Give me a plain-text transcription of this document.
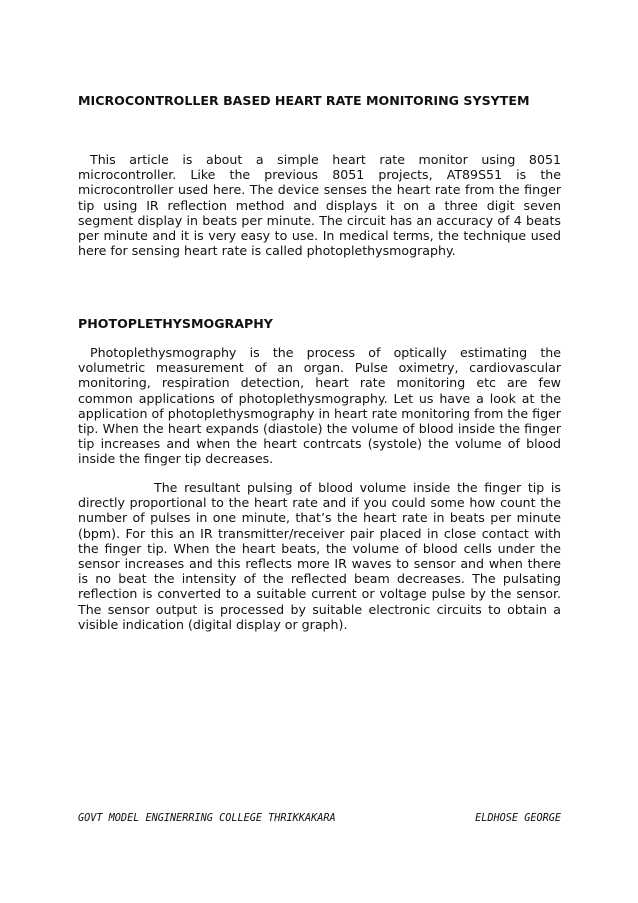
MICROCONTROLLER BASED HEART RATE MONITORING SYSYTEM

This article is about a simple heart rate monitor using 8051 microcontroller. Like the previous 8051 projects, AT89S51 is the microcontroller used here. The device senses the heart rate from the finger tip using IR reflection method and displays it on a three digit seven segment display in beats per minute. The circuit has an accuracy of 4 beats per minute and it is very easy to use. In medical terms, the technique used here for sensing heart rate is called photoplethysmography.

PHOTOPLETHYSMOGRAPHY

Photoplethysmography is the process of optically estimating the volumetric measurement of an organ. Pulse oximetry, cardiovascular monitoring, respiration detection, heart rate monitoring etc are few common applications of photoplethysmography. Let us have a look at the application of photoplethysmography in heart rate monitoring from the figer tip. When the heart expands (diastole) the volume of blood inside the finger tip increases and when the heart contrcats (systole) the volume of blood inside the finger tip decreases.

The resultant pulsing of blood volume inside the finger tip is directly proportional to the heart rate and if you could some how count the number of pulses in one minute, that’s the heart rate in beats per minute (bpm). For this an IR transmitter/receiver pair placed in close contact with the finger tip. When the heart beats, the volume of blood cells under the sensor increases and this reflects more IR waves to sensor and when there is no beat the intensity of the reflected beam decreases. The pulsating reflection is converted to a suitable current or voltage pulse by the sensor. The sensor output is processed by suitable electronic circuits to obtain a visible indication (digital display or graph).

GOVT MODEL ENGINERRING COLLEGE THRIKKAKARA	ELDHOSE GEORGE
